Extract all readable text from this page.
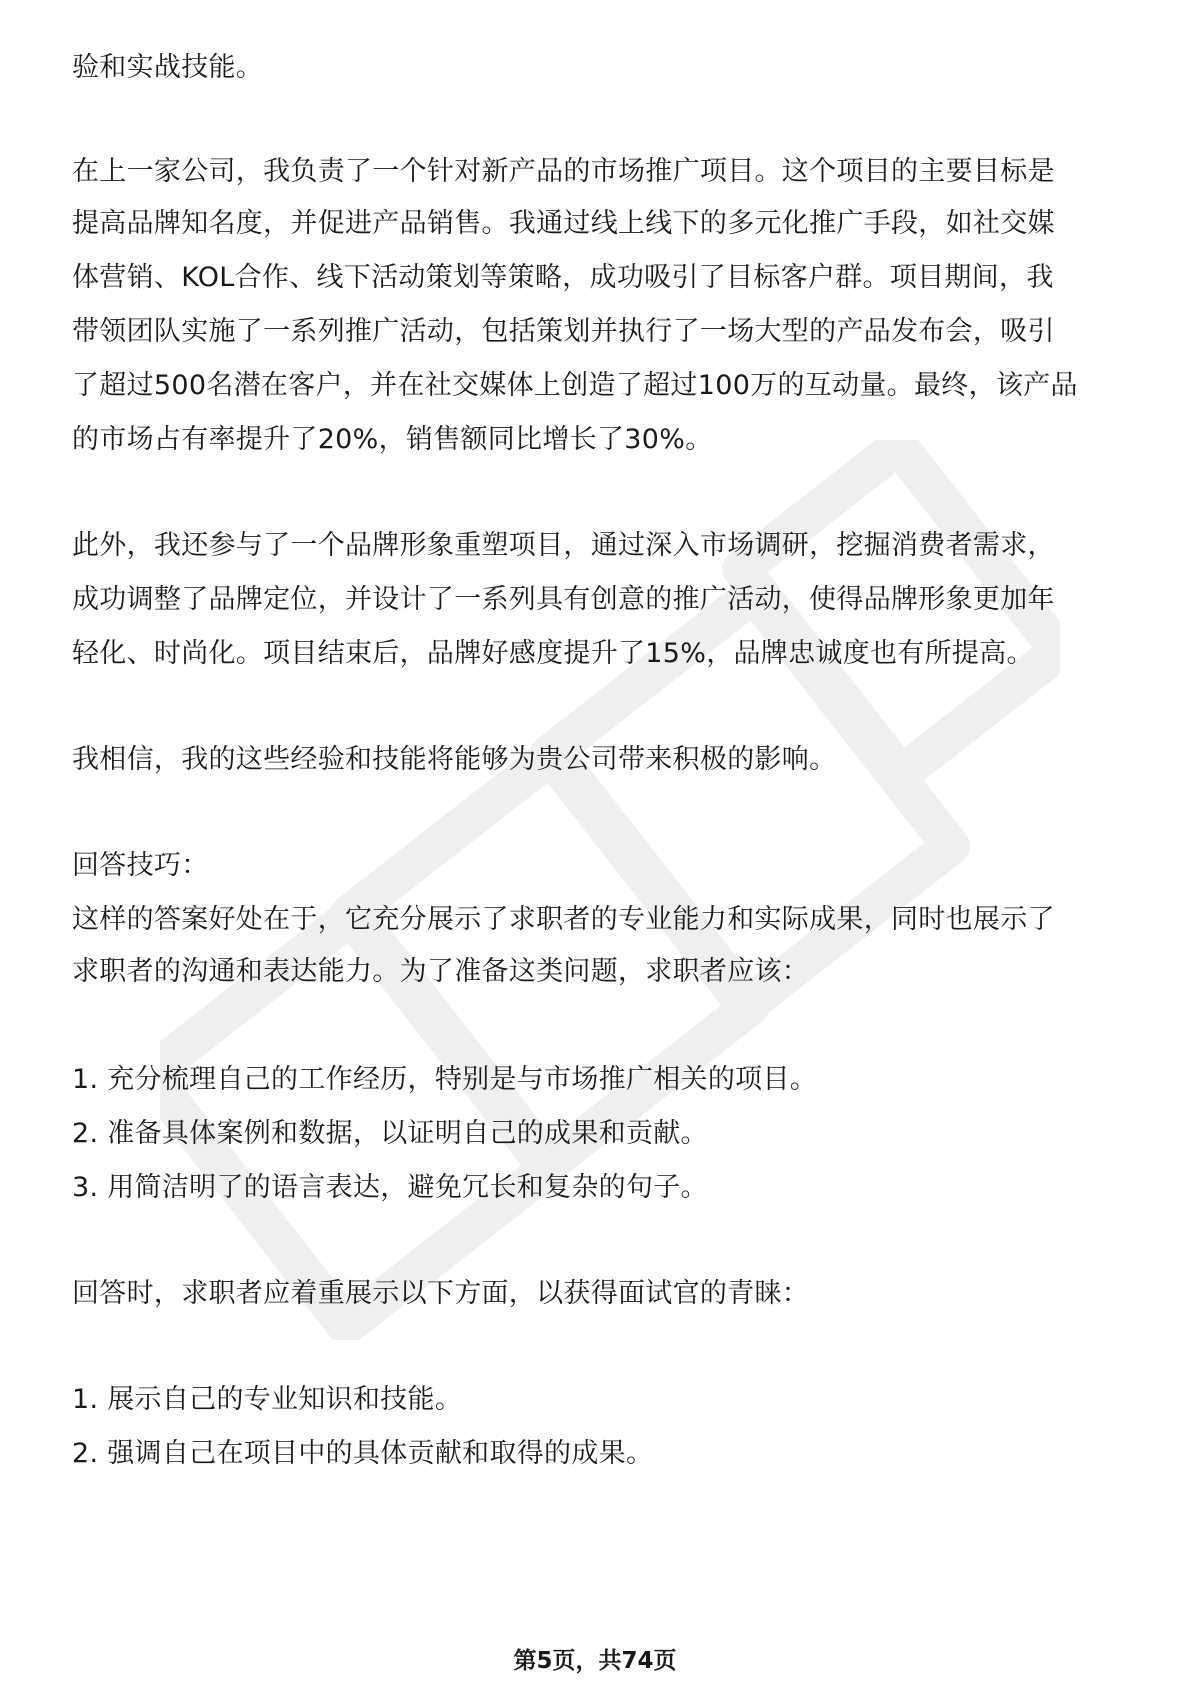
验和实战技能。
在上一家公司，我负责了一个针对新产品的市场推广项目。这个项目的主要目标是
提高品牌知名度，并促进产品销售。我通过线上线下的多元化推广手段，如社交媒
体营销、KOL合作、线下活动策划等策略，成功吸引了目标客户群。项目期间，我
带领团队实施了一系列推广活动，包括策划并执行了一场大型的产品发布会，吸引
了超过500名潜在客户，并在社交媒体上创造了超过100万的互动量。最终，该产品
的市场占有率提升了20%，销售额同比增长了30%。
此外，我还参与了一个品牌形象重塑项目，通过深入市场调研，挖掘消费者需求，
成功调整了品牌定位，并设计了一系列具有创意的推广活动，使得品牌形象更加年
轻化、时尚化。项目结束后，品牌好感度提升了15%，品牌忠诚度也有所提高。
我相信，我的这些经验和技能将能够为贵公司带来积极的影响。
回答技巧：
这样的答案好处在于，它充分展示了求职者的专业能力和实际成果，同时也展示了
求职者的沟通和表达能力。为了准备这类问题，求职者应该：
1. 充分梳理自己的工作经历，特别是与市场推广相关的项目。
2. 准备具体案例和数据，以证明自己的成果和贡献。
3. 用简洁明了的语言表达，避免冗长和复杂的句子。
回答时，求职者应着重展示以下方面，以获得面试官的青睐：
1. 展示自己的专业知识和技能。
2. 强调自己在项目中的具体贡献和取得的成果。
第5页，共74页
